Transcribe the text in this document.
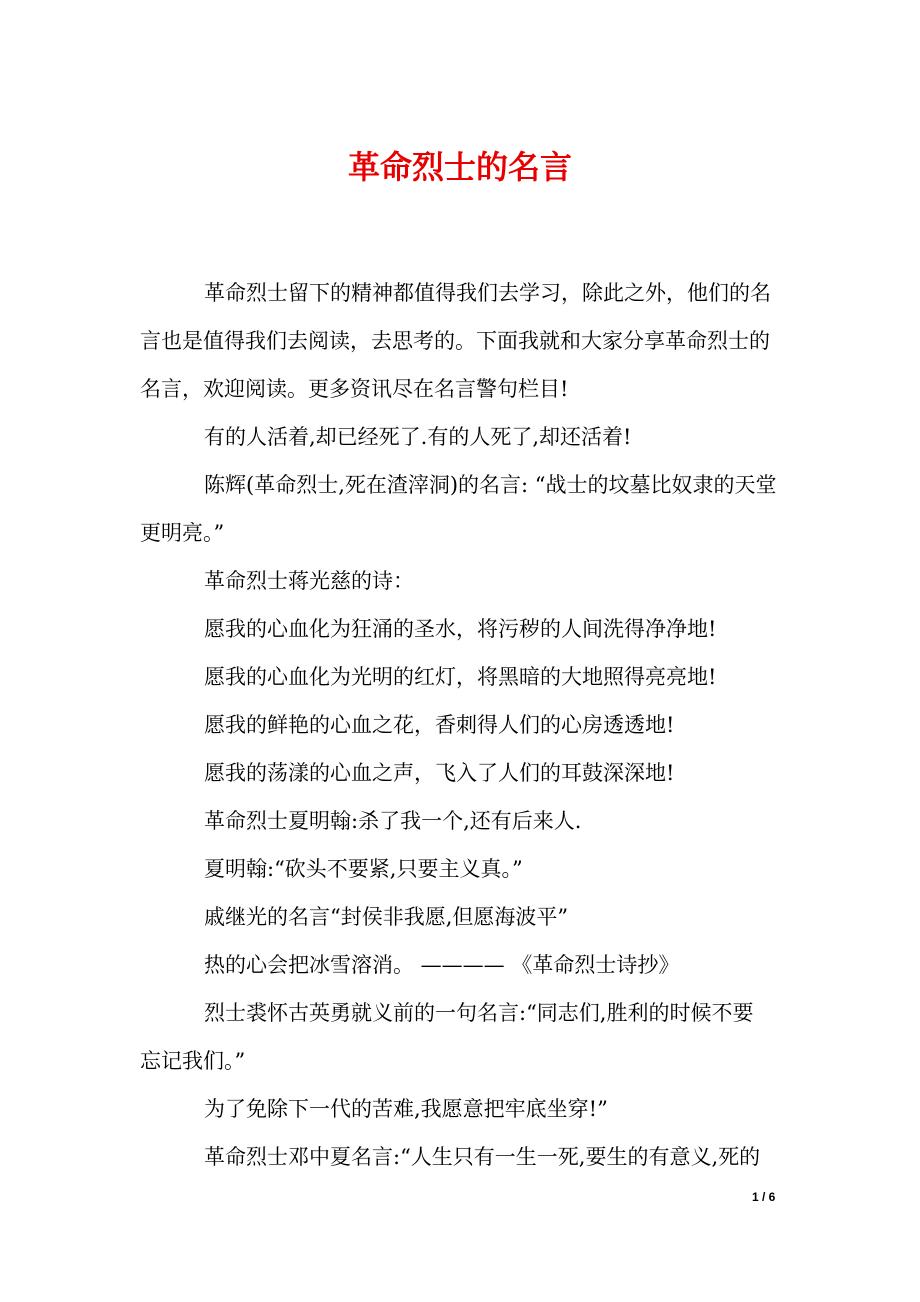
革命烈士的名言
革命烈士留下的精神都值得我们去学习，除此之外，他们的名
言也是值得我们去阅读，去思考的。下面我就和大家分享革命烈士的
名言，欢迎阅读。更多资讯尽在名言警句栏目!
有的人活着,却已经死了.有的人死了,却还活着!
陈辉(革命烈士,死在渣滓洞)的名言: “战士的坟墓比奴隶的天堂
更明亮。”
革命烈士蒋光慈的诗：
愿我的心血化为狂涌的圣水，将污秽的人间洗得净净地!
愿我的心血化为光明的红灯，将黑暗的大地照得亮亮地!
愿我的鲜艳的心血之花，香刺得人们的心房透透地!
愿我的荡漾的心血之声，飞入了人们的耳鼓深深地!
革命烈士夏明翰:杀了我一个,还有后来人.
夏明翰:“砍头不要紧,只要主义真。”
戚继光的名言“封侯非我愿,但愿海波平”
热的心会把冰雪溶消。 ———— 《革命烈士诗抄》
烈士裘怀古英勇就义前的一句名言:“同志们,胜利的时候不要
忘记我们。”
为了免除下一代的苦难,我愿意把牢底坐穿!”
革命烈士邓中夏名言:“人生只有一生一死,要生的有意义,死的
1 / 6
